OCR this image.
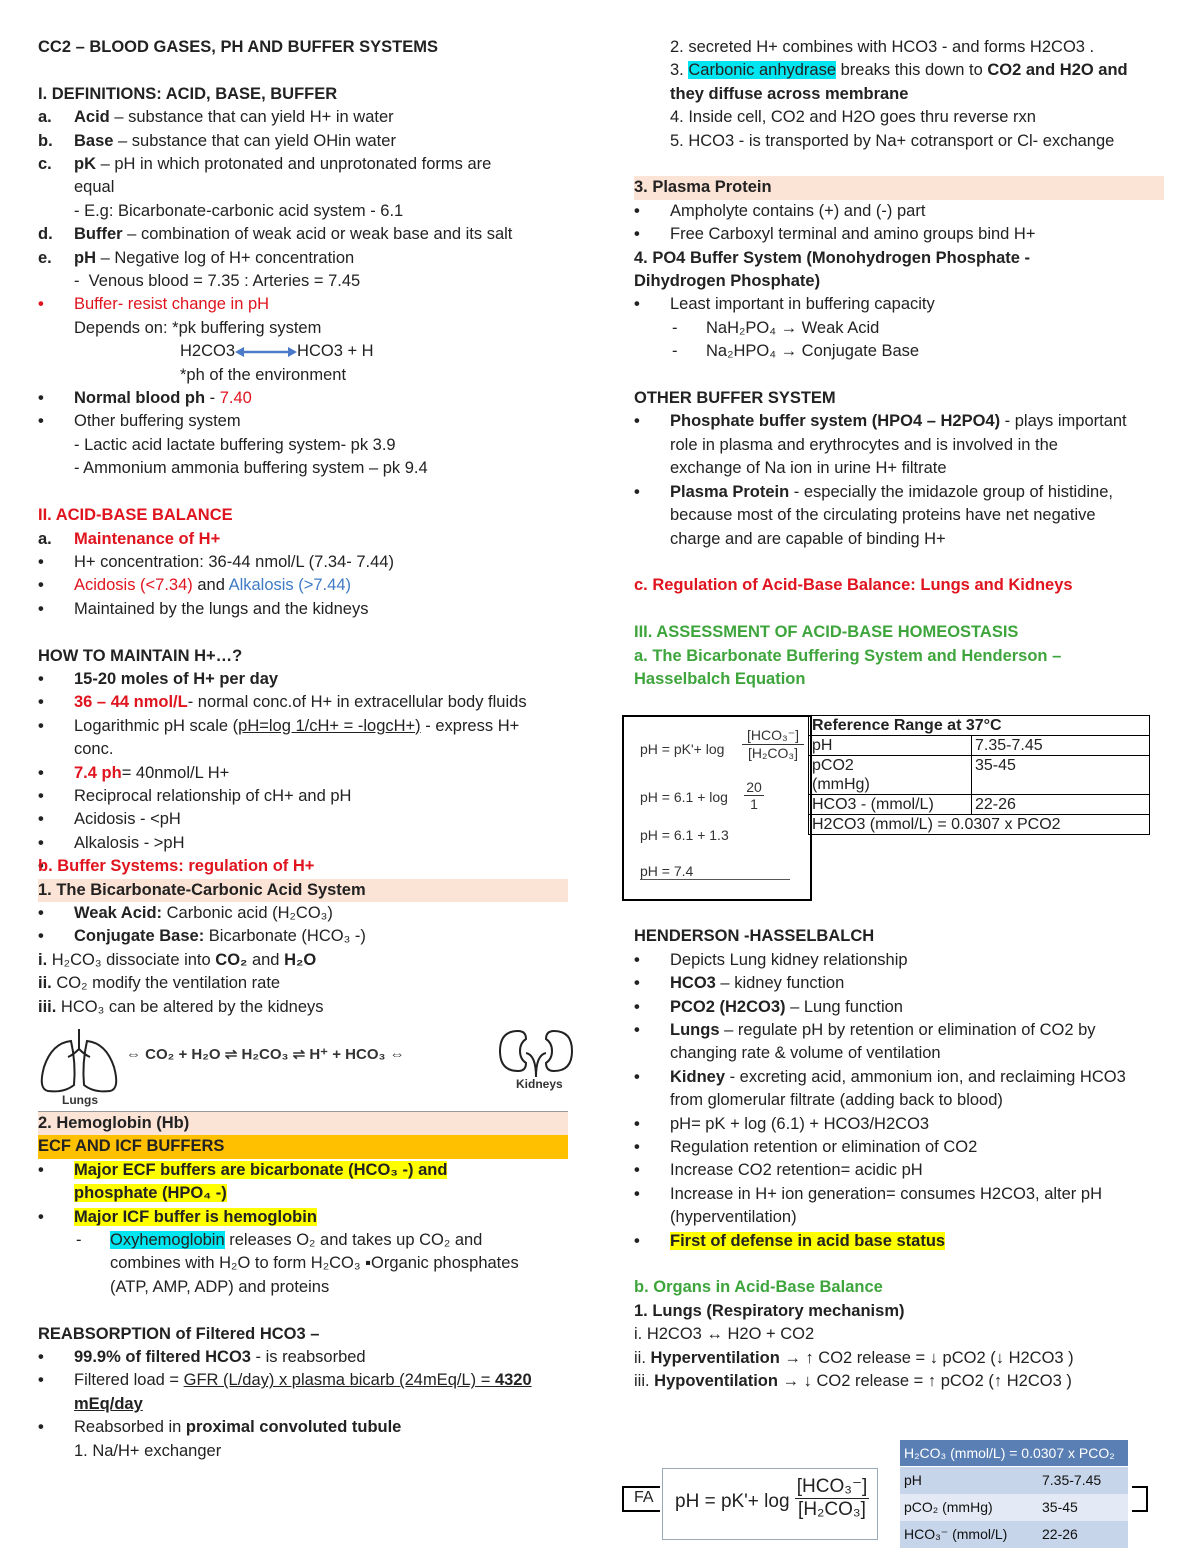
CC2 – BLOOD GASES, PH AND BUFFER SYSTEMS
I. DEFINITIONS: ACID, BASE, BUFFER
a. Acid – substance that can yield H+ in water
b. Base – substance that can yield OHin water
c. pK – pH in which protonated and unprotonated forms are
equal
- E.g: Bicarbonate-carbonic acid system - 6.1
d. Buffer – combination of weak acid or weak base and its salt
e. pH – Negative log of H+ concentration
-  Venous blood = 7.35 : Arteries = 7.45
• Buffer- resist change in pH
Depends on: *pk buffering system
H2CO3	HCO3 + H
*ph of the environment
• Normal blood ph - 7.40
• Other buffering system
- Lactic acid lactate buffering system- pk 3.9
- Ammonium ammonia buffering system – pk 9.4
II. ACID-BASE BALANCE
a. Maintenance of H+
• H+ concentration: 36-44 nmol/L (7.34- 7.44)
• Acidosis (<7.34) and Alkalosis (>7.44)
• Maintained by the lungs and the kidneys
HOW TO MAINTAIN H+…?
• 15-20 moles of H+ per day
• 36 – 44 nmol/L- normal conc.of H+ in extracellular body fluids
• Logarithmic pH scale (pH=log 1/cH+ = -logcH+) - express H+
conc.
• 7.4 ph= 40nmol/L H+
• Reciprocal relationship of cH+ and pH
• Acidosis - <pH
• Alkalosis - >pH
b. Buffer Systems: regulation of H+
1. The Bicarbonate-Carbonic Acid System
• Weak Acid: Carbonic acid (H₂CO₃)
• Conjugate Base: Bicarbonate (HCO₃ -)
i. H₂CO₃ dissociate into CO₂ and H₂O
ii. CO₂ modify the ventilation rate
iii. HCO₃ can be altered by the kidneys
Lungs
⇔ CO₂ + H₂O ⇌ H₂CO₃ ⇌ H⁺ + HCO₃ ⇔
Kidneys
2. Hemoglobin (Hb)
ECF AND ICF BUFFERS
• Major ECF buffers are bicarbonate (HCO₃ -) and
phosphate (HPO₄ -)
• Major ICF buffer is hemoglobin
- Oxyhemoglobin releases O₂ and takes up CO₂ and
combines with H₂O to form H₂CO₃ ▪Organic phosphates
(ATP, AMP, ADP) and proteins
REABSORPTION of Filtered HCO3 –
• 99.9% of filtered HCO3 - is reabsorbed
• Filtered load = GFR (L/day) x plasma bicarb (24mEq/L) = 4320
mEq/day
• Reabsorbed in proximal convoluted tubule
1. Na/H+ exchanger
2. secreted H+ combines with HCO3 - and forms H2CO3 .
3. Carbonic anhydrase breaks this down to CO2 and H2O and
they diffuse across membrane
4. Inside cell, CO2 and H2O goes thru reverse rxn
5. HCO3 - is transported by Na+ cotransport or Cl- exchange
3. Plasma Protein
• Ampholyte contains (+) and (-) part
• Free Carboxyl terminal and amino groups bind H+
4. PO4 Buffer System (Monohydrogen Phosphate -
Dihydrogen Phosphate)
• Least important in buffering capacity
- NaH₂PO₄ → Weak Acid
- Na₂HPO₄ → Conjugate Base
OTHER BUFFER SYSTEM
• Phosphate buffer system (HPO4 – H2PO4) - plays important
role in plasma and erythrocytes and is involved in the
exchange of Na ion in urine H+ filtrate
• Plasma Protein - especially the imidazole group of histidine,
because most of the circulating proteins have net negative
charge and are capable of binding H+
c. Regulation of Acid-Base Balance: Lungs and Kidneys
III. ASSESSMENT OF ACID-BASE HOMEOSTASIS
a. The Bicarbonate Buffering System and Henderson –
Hasselbalch Equation
pH = pK'+ log
[HCO₃⁻]
[H₂CO₃]
pH = 6.1 + log
20
1
pH = 6.1 + 1.3
pH = 7.4
Reference Range at 37°C	
pH	7.35-7.45
pCO2
(mmHg)	35-45
HCO3 - (mmol/L)	22-26
H2CO3 (mmol/L) = 0.0307 x PCO2	
HENDERSON -HASSELBALCH
• Depicts Lung kidney relationship
• HCO3 – kidney function
• PCO2 (H2CO3) – Lung function
• Lungs – regulate pH by retention or elimination of CO2 by
changing rate & volume of ventilation
• Kidney - excreting acid, ammonium ion, and reclaiming HCO3
from glomerular filtrate (adding back to blood)
• pH= pK + log (6.1) + HCO3/H2CO3
• Regulation retention or elimination of CO2
• Increase CO2 retention= acidic pH
• Increase in H+ ion generation= consumes H2CO3, alter pH
(hyperventilation)
• First of defense in acid base status
b. Organs in Acid-Base Balance
1. Lungs (Respiratory mechanism)
i. H2CO3 ↔ H2O + CO2
ii. Hyperventilation → ↑ CO2 release = ↓ pCO2 (↓ H2CO3 )
iii. Hypoventilation → ↓ CO2 release = ↑ pCO2 (↑ H2CO3 )
FA pH = pK'+ log
[HCO₃⁻]
[H₂CO₃]
H₂CO₃ (mmol/L) = 0.0307 x PCO₂
pH	7.35-7.45
pCO₂ (mmHg)	35-45
HCO₃⁻ (mmol/L) 22-26
